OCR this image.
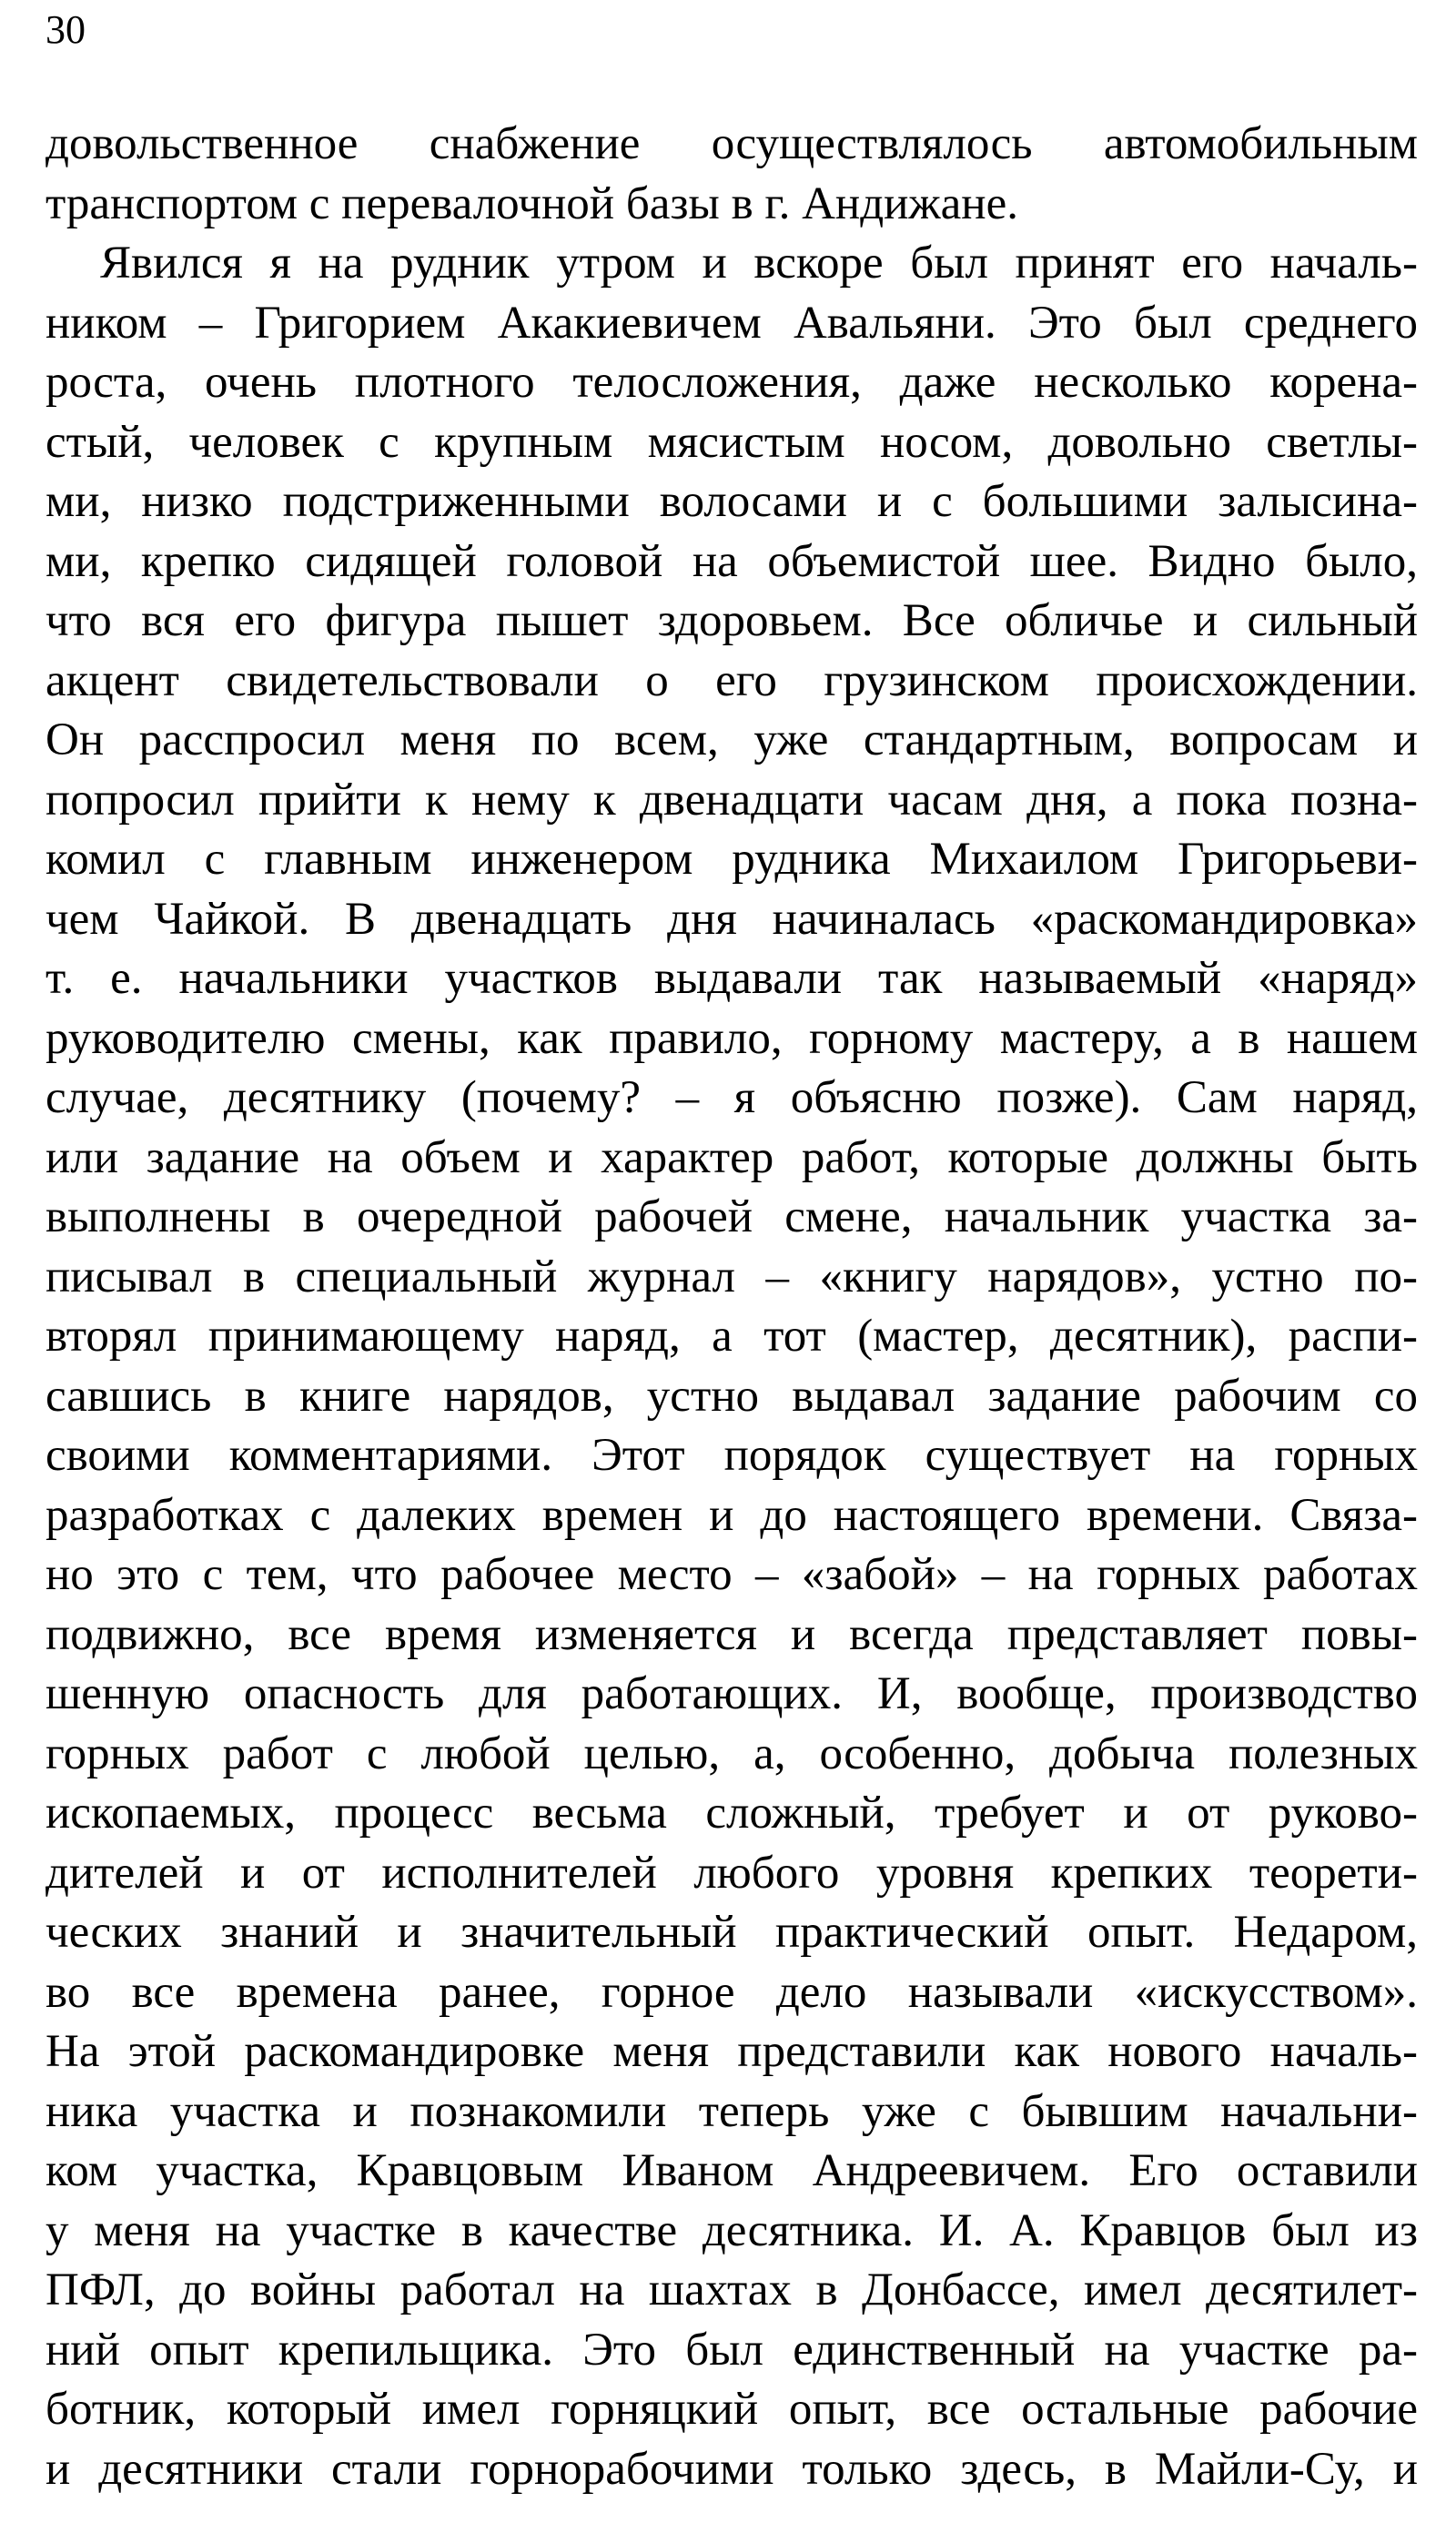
30
довольственное снабжение осуществлялось автомобильным
транспортом с перевалочной базы в г. Андижане.
Явился я на рудник утром и вскоре был принят его началь-
ником – Григорием Акакиевичем Авальяни. Это был среднего
роста, очень плотного телосложения, даже несколько корена-
стый, человек с крупным мясистым носом, довольно светлы-
ми, низко подстриженными волосами и с большими залысина-
ми, крепко сидящей головой на объемистой шее. Видно было,
что вся его фигура пышет здоровьем. Все обличье и сильный
акцент свидетельствовали о его грузинском происхождении.
Он расспросил меня по всем, уже стандартным, вопросам и
попросил прийти к нему к двенадцати часам дня, а пока позна-
комил с главным инженером рудника Михаилом Григорьеви-
чем Чайкой. В двенадцать дня начиналась «раскомандировка»
т. е. начальники участков выдавали так называемый «наряд»
руководителю смены, как правило, горному мастеру, а в нашем
случае, десятнику (почему? – я объясню позже). Сам наряд,
или задание на объем и характер работ, которые должны быть
выполнены в очередной рабочей смене, начальник участка за-
писывал в специальный журнал – «книгу нарядов», устно по-
вторял принимающему наряд, а тот (мастер, десятник), распи-
савшись в книге нарядов, устно выдавал задание рабочим со
своими комментариями. Этот порядок существует на горных
разработках с далеких времен и до настоящего времени. Связа-
но это с тем, что рабочее место – «забой» – на горных работах
подвижно, все время изменяется и всегда представляет повы-
шенную опасность для работающих. И, вообще, производство
горных работ с любой целью, а, особенно, добыча полезных
ископаемых, процесс весьма сложный, требует и от руково-
дителей и от исполнителей любого уровня крепких теорети-
ческих знаний и значительный практический опыт. Недаром,
во все времена ранее, горное дело называли «искусством».
На этой раскомандировке меня представили как нового началь-
ника участка и познакомили теперь уже с бывшим начальни-
ком участка, Кравцовым Иваном Андреевичем. Его оставили
у меня на участке в качестве десятника. И. А. Кравцов был из
ПФЛ, до войны работал на шахтах в Донбассе, имел десятилет-
ний опыт крепильщика. Это был единственный на участке ра-
ботник, который имел горняцкий опыт, все остальные рабочие
и десятники стали горнорабочими только здесь, в Майли-Су, и
